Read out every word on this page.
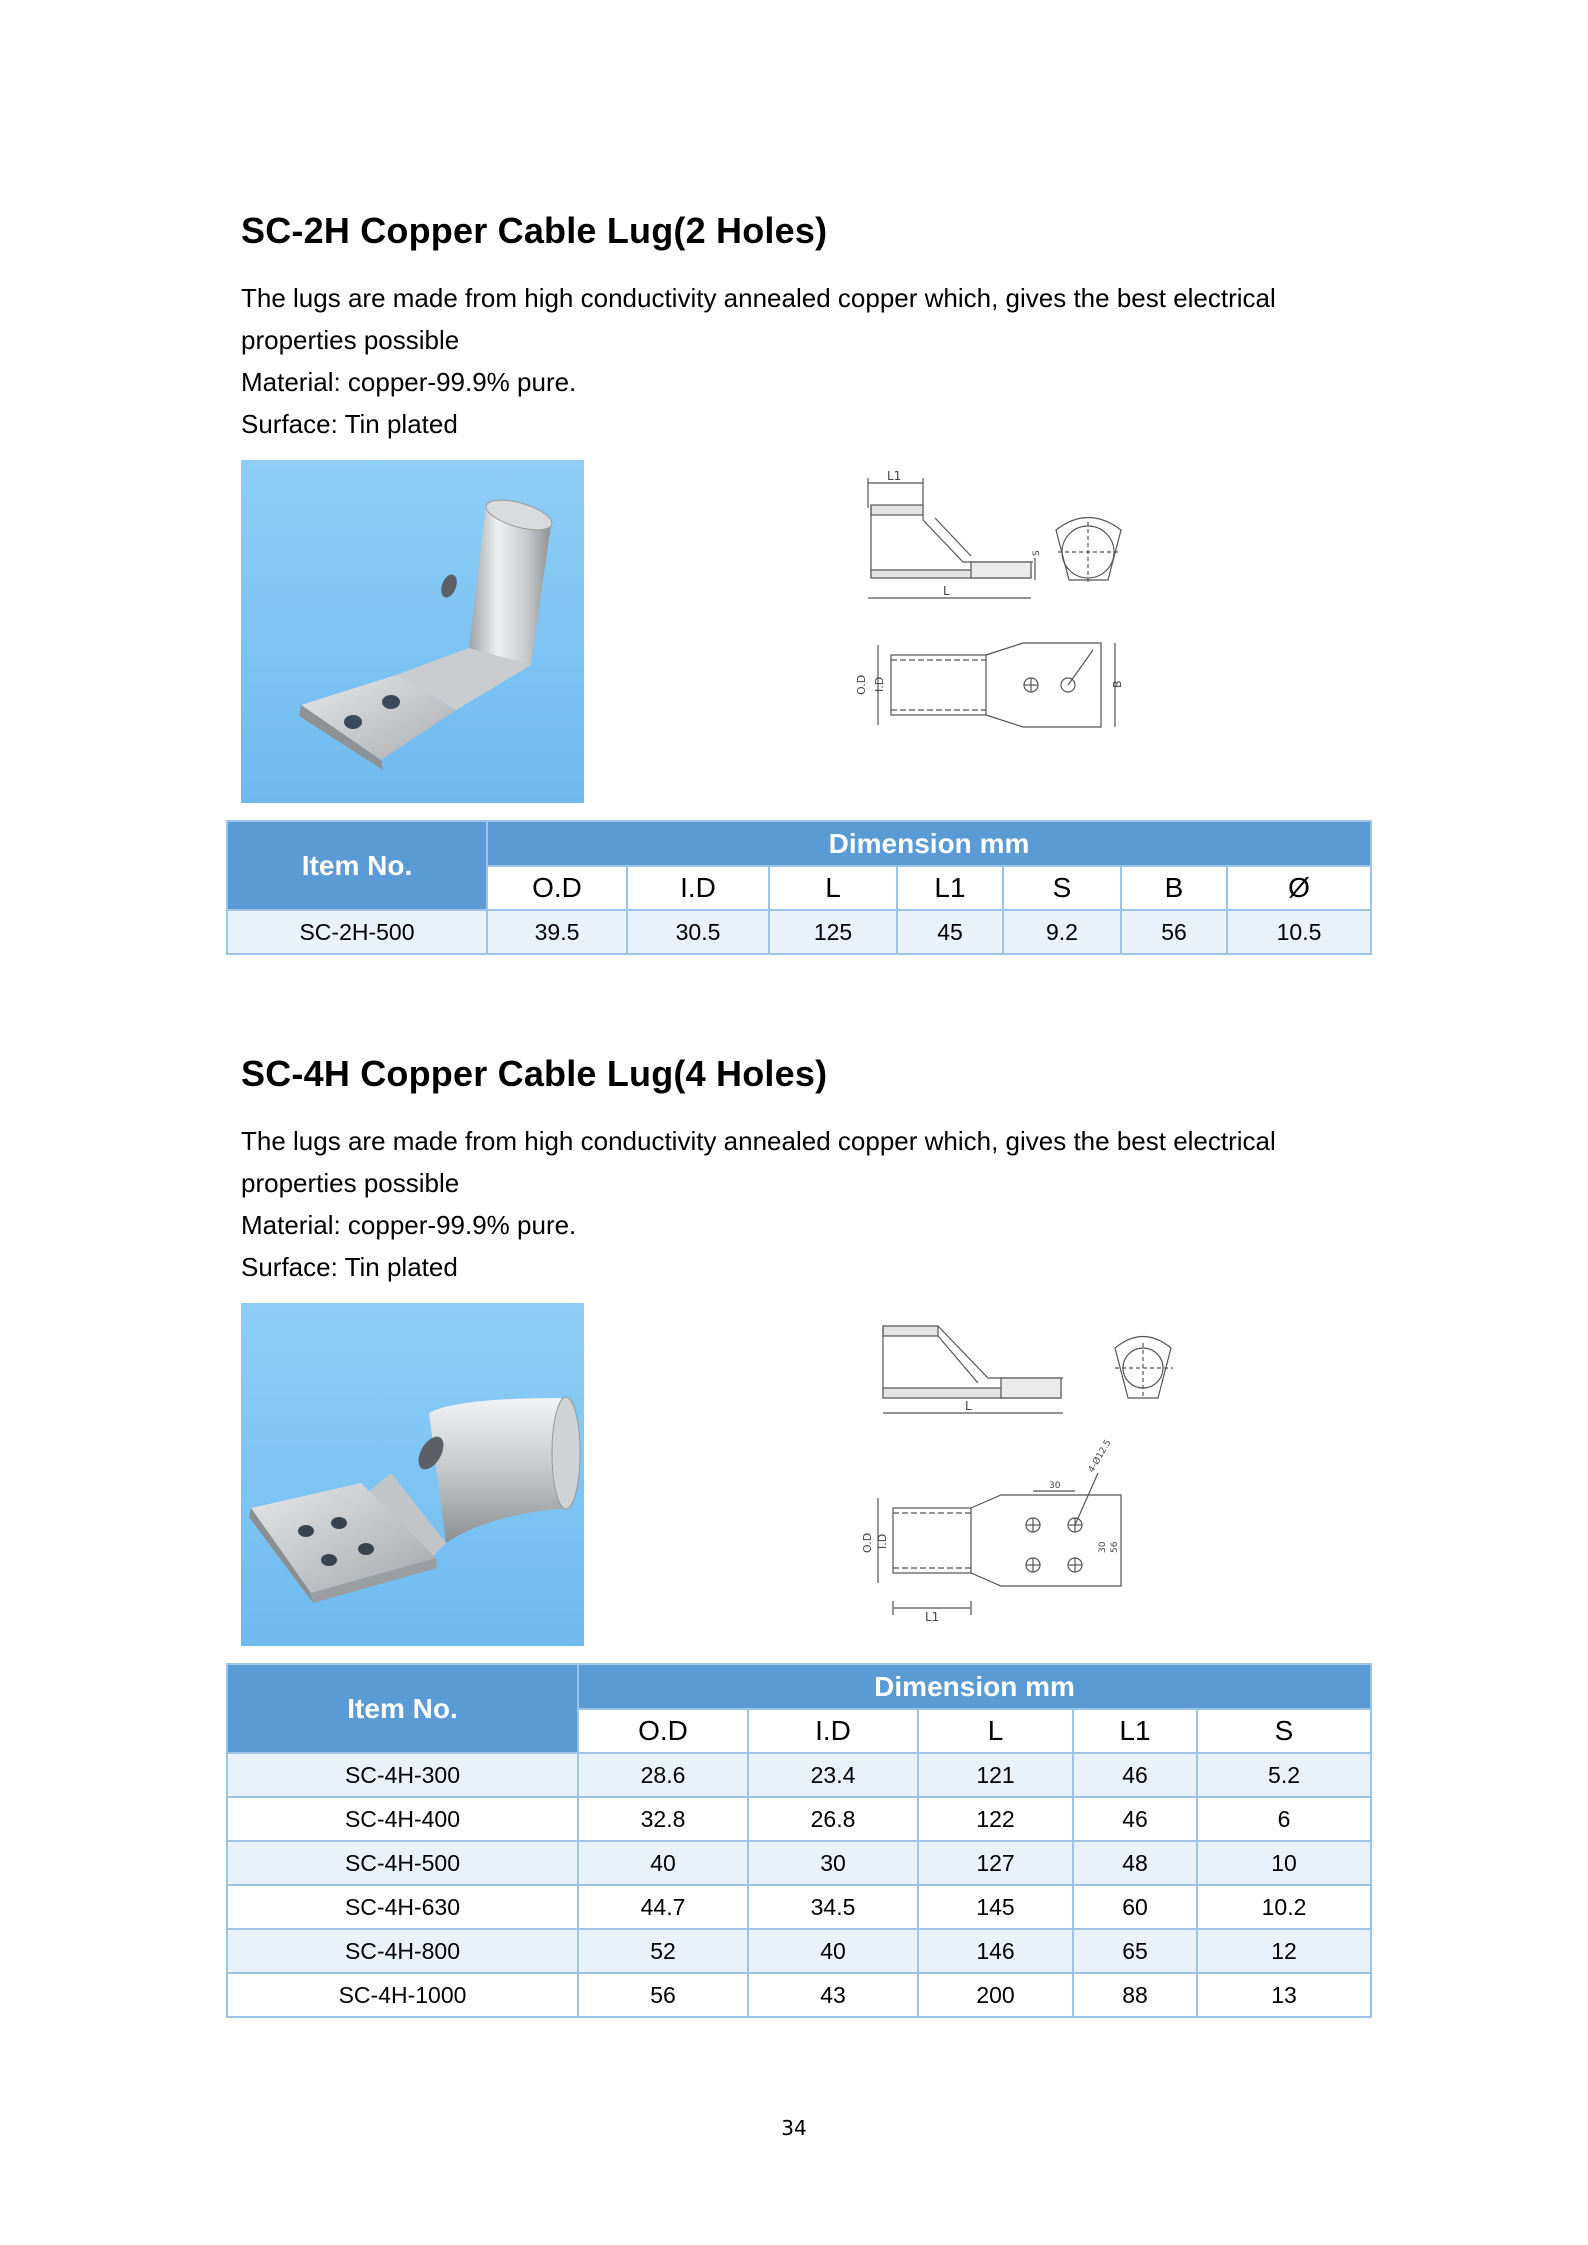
SC-2H Copper Cable Lug(2 Holes)

The lugs are made from high conductivity annealed copper which, gives the best electrical

properties possible

Material: copper-99.9% pure.

Surface: Tin plated

L1
L
O.D I.D	B
S
Item No.	Dimension mm						
	O.D	I.D	L	L1	S	B	Ø
SC-2H-500	39.5	30.5	125	45	9.2	56	10.5
SC-4H Copper Cable Lug(4 Holes)

The lugs are made from high conductivity annealed copper which, gives the best electrical

properties possible

Material: copper-99.9% pure.

Surface: Tin plated

L
4-Ø12.5
30
30 56
L1
O.D I.D
Item No.	Dimension mm				
	O.D	I.D	L	L1	S
SC-4H-300	28.6	23.4	121	46	5.2
SC-4H-400	32.8	26.8	122	46	6
SC-4H-500	40	30	127	48	10
SC-4H-630	44.7	34.5	145	60	10.2
SC-4H-800	52	40	146	65	12
SC-4H-1000	56	43	200	88	13
34
